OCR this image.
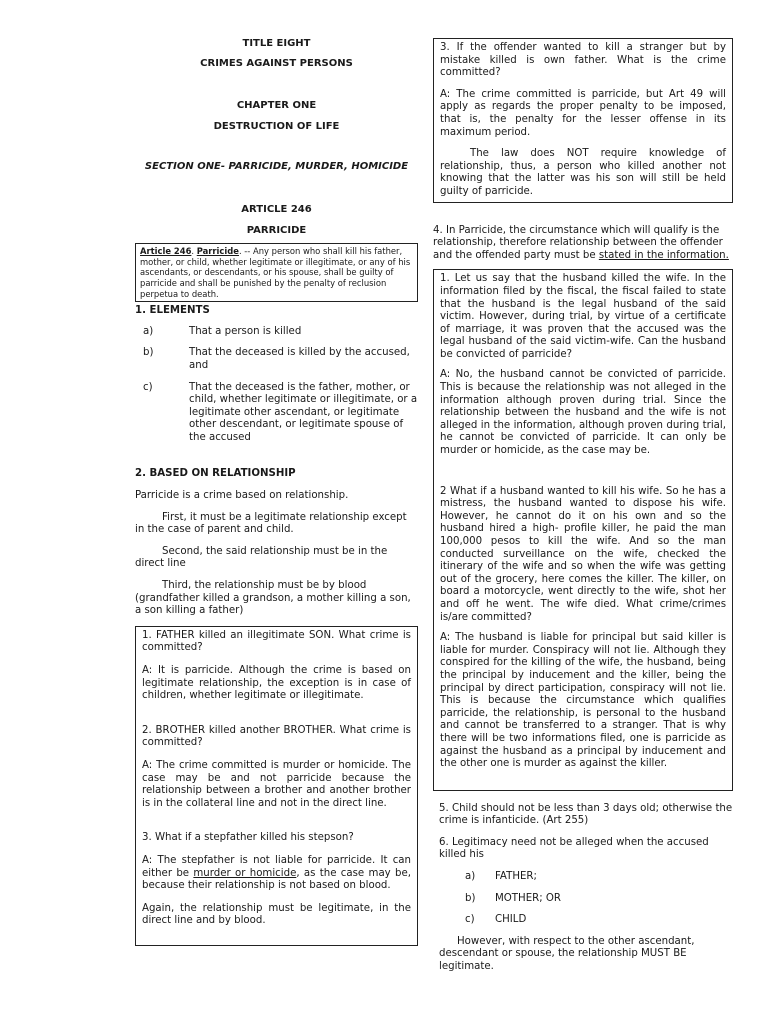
TITLE EIGHT

CRIMES AGAINST PERSONS

CHAPTER ONE

DESTRUCTION OF LIFE

SECTION ONE- PARRICIDE, MURDER, HOMICIDE

ARTICLE 246

PARRICIDE

Article 246. Parricide. -- Any person who shall kill his father, mother, or child, whether legitimate or illegitimate, or any of his ascendants, or descendants, or his spouse, shall be guilty of parricide and shall be punished by the penalty of reclusion perpetua to death.

1. ELEMENTS

a)	That a person is killed
b)	That the deceased is killed by the accused, and
c)	That the deceased is the father, mother, or child, whether legitimate or illegitimate, or a legitimate other ascendant, or legitimate other descendant, or legitimate spouse of the accused

2. BASED ON RELATIONSHIP

Parricide is a crime based on relationship.

First, it must be a legitimate relationship except in the case of parent and child.

Second, the said relationship must be in the direct line

Third, the relationship must be by blood (grandfather killed a grandson, a mother killing a son, a son killing a father)

1. FATHER killed an illegitimate SON. What crime is committed?

A: It is parricide. Although the crime is based on legitimate relationship, the exception is in case of children, whether legitimate or illegitimate.

2. BROTHER killed another BROTHER. What crime is committed?

A: The crime committed is murder or homicide. The case may be and not parricide because the relationship between a brother and another brother is in the collateral line and not in the direct line.

3. What if a stepfather killed his stepson?

A: The stepfather is not liable for parricide. It can either be murder or homicide, as the case may be, because their relationship is not based on blood.

Again, the relationship must be legitimate, in the direct line and by blood.

3. If the offender wanted to kill a stranger but by mistake killed is own father. What is the crime committed?

A: The crime committed is parricide, but Art 49 will apply as regards the proper penalty to be imposed, that is, the penalty for the lesser offense in its maximum period.

The law does NOT require knowledge of relationship, thus, a person who killed another not knowing that the latter was his son will still be held guilty of parricide.

4. In Parricide, the circumstance which will qualify is the relationship, therefore relationship between the offender and the offended party must be stated in the information.

1. Let us say that the husband killed the wife. In the information filed by the fiscal, the fiscal failed to state that the husband is the legal husband of the said victim. However, during trial, by virtue of a certificate of marriage, it was proven that the accused was the legal husband of the said victim-wife. Can the husband be convicted of parricide?

A: No, the husband cannot be convicted of parricide. This is because the relationship was not alleged in the information although proven during trial. Since the relationship between the husband and the wife is not alleged in the information, although proven during trial, he cannot be convicted of parricide. It can only be murder or homicide, as the case may be.

2 What if a husband wanted to kill his wife. So he has a mistress, the husband wanted to dispose his wife. However, he cannot do it on his own and so the husband hired a high- profile killer, he paid the man 100,000 pesos to kill the wife. And so the man conducted surveillance on the wife, checked the itinerary of the wife and so when the wife was getting out of the grocery, here comes the killer. The killer, on board a motorcycle, went directly to the wife, shot her and off he went. The wife died. What crime/crimes is/are committed?

A: The husband is liable for principal but said killer is liable for murder. Conspiracy will not lie. Although they conspired for the killing of the wife, the husband, being the principal by inducement and the killer, being the principal by direct participation, conspiracy will not lie. This is because the circumstance which qualifies parricide, the relationship, is personal to the husband and cannot be transferred to a stranger. That is why there will be two informations filed, one is parricide as against the husband as a principal by inducement and the other one is murder as against the killer.

5. Child should not be less than 3 days old; otherwise the crime is infanticide. (Art 255)

6. Legitimacy need not be alleged when the accused killed his

a)	FATHER;
b)	MOTHER; OR
c)	CHILD

However, with respect to the other ascendant, descendant or spouse, the relationship MUST BE legitimate.
